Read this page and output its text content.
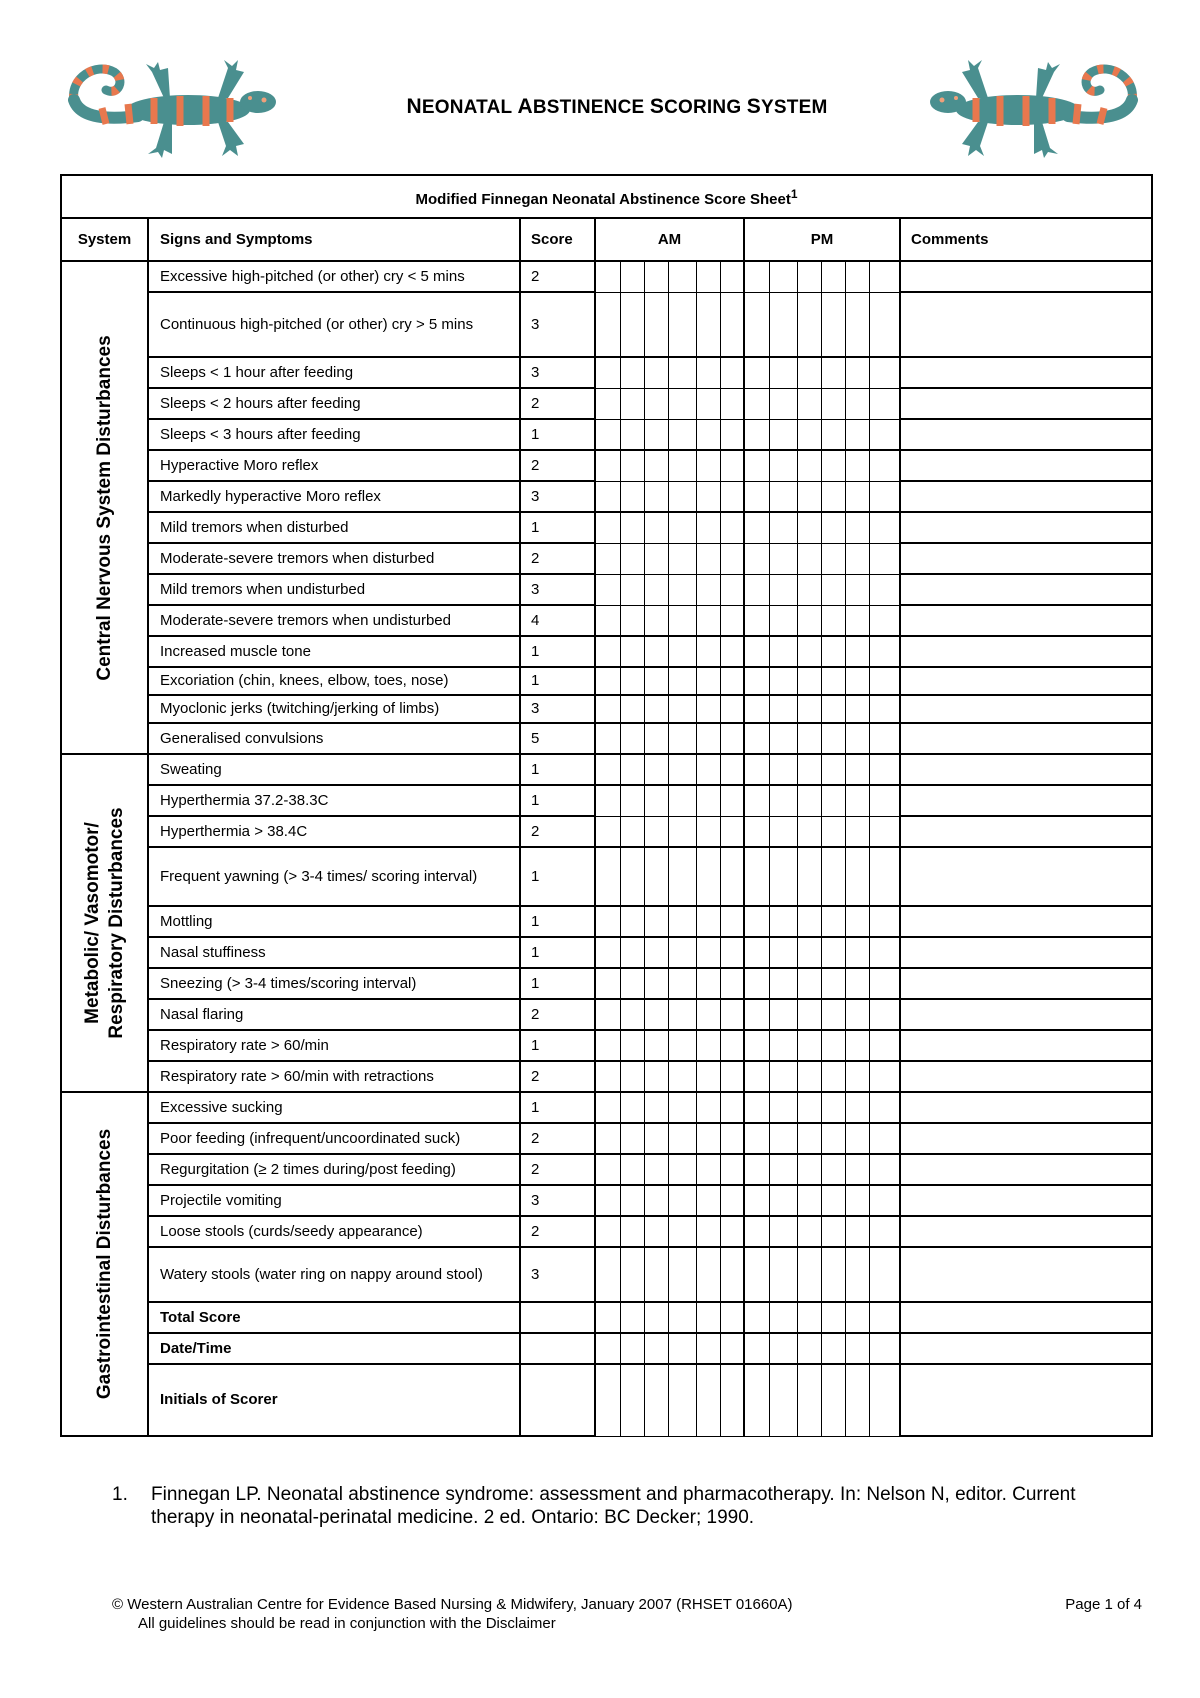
NEONATAL ABSTINENCE SCORING SYSTEM
Modified Finnegan Neonatal Abstinence Score Sheet$^1$
System	Signs and Symptoms	Score	AM						PM						Comments

Central Nervous System Disturbances	Excessive high-pitched (or other) cry < 5 mins	2													
	Continuous high-pitched (or other) cry > 5 mins	3													
	Sleeps < 1 hour after feeding	3													
	Sleeps < 2 hours after feeding	2													
	Sleeps < 3 hours after feeding	1													
	Hyperactive Moro reflex	2													
	Markedly hyperactive Moro reflex	3													
	Mild tremors when disturbed	1													
	Moderate-severe tremors when disturbed	2													
	Mild tremors when undisturbed	3													
	Moderate-severe tremors when undisturbed	4													
	Increased muscle tone	1													
	Excoriation (chin, knees, elbow, toes, nose)	1													
	Myoclonic jerks (twitching/jerking of limbs)	3													
	Generalised convulsions	5													

Metabolic/ Vasomotor/ Respiratory Disturbances	Sweating	1													
	Hyperthermia 37.2-38.3C	1													
	Hyperthermia > 38.4C	2													
	Frequent yawning (> 3-4 times/ scoring interval)	1													
	Mottling	1													
	Nasal stuffiness	1													
	Sneezing (> 3-4 times/scoring interval)	1													
	Nasal flaring	2													
	Respiratory rate > 60/min	1													
	Respiratory rate > 60/min with retractions	2													

Gastrointestinal Disturbances	Excessive sucking	1													
	Poor feeding (infrequent/uncoordinated suck)	2													
	Regurgitation (≥ 2 times during/post feeding)	2													
	Projectile vomiting	3													
	Loose stools (curds/seedy appearance)	2													
	Watery stools (water ring on nappy around stool)	3													
	Total Score														
	Date/Time														
	Initials of Scorer														
1. Finnegan LP. Neonatal abstinence syndrome: assessment and pharmacotherapy. In: Nelson N, editor. Current therapy in neonatal-perinatal medicine. 2 ed. Ontario: BC Decker; 1990.
© Western Australian Centre for Evidence Based Nursing & Midwifery, January 2007 (RHSET 01660A)
All guidelines should be read in conjunction with the Disclaimer
Page 1 of 4
